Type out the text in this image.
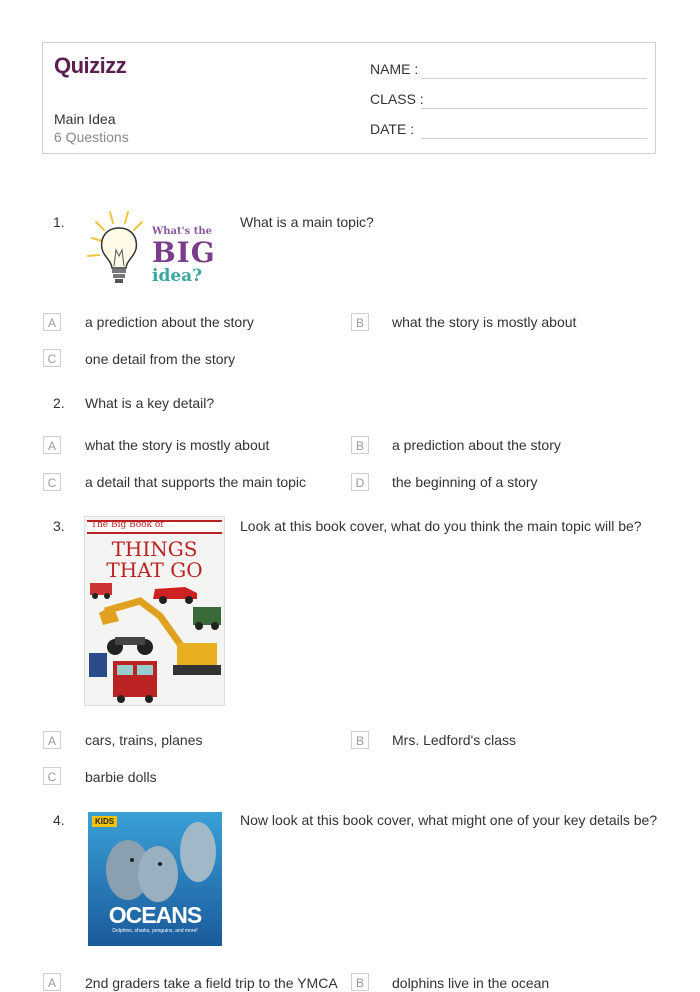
Quizizz
Main Idea
6 Questions
NAME :
CLASS :
DATE :
1.
What's the
BIG
idea?
What is a main topic?
A	a prediction about the story	B	what the story is mostly about
C	one detail from the story
2. What is a key detail?
A	what the story is mostly about	B	a prediction about the story
C	a detail that supports the main topic	D	the beginning of a story
3.	The Big Book of
THINGS
THAT GO
Look at this book cover, what do you think the main topic will be?
A	cars, trains, planes	B	Mrs. Ledford's class
C	barbie dolls
4.	KIDS
OCEANS
Dolphins, sharks, penguins, and more!
Now look at this book cover, what might one of your key details be?
A	2nd graders take a field trip to the YMCA	B	dolphins live in the ocean
